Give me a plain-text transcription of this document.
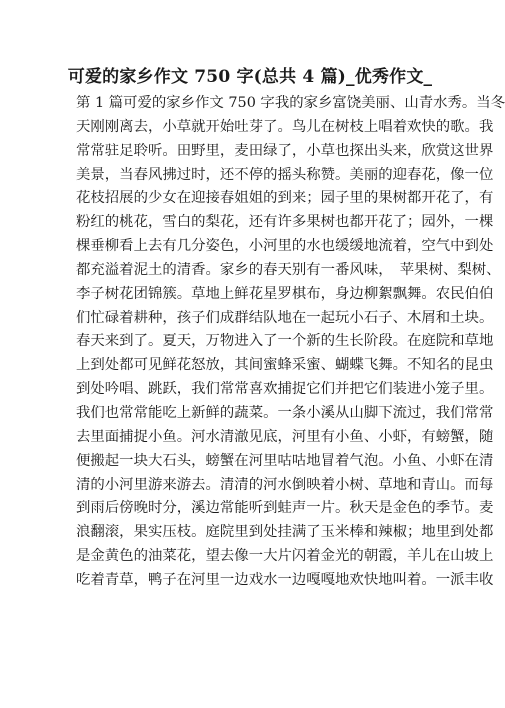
可爱的家乡作文 750 字(总共 4 篇)_优秀作文_
第 1 篇可爱的家乡作文 750 字我的家乡富饶美丽、山青水秀。当冬
天刚刚离去，小草就开始吐芽了。鸟儿在树枝上唱着欢快的歌。我
常常驻足聆听。田野里，麦田绿了，小草也探出头来，欣赏这世界
美景，当春风拂过时，还不停的摇头称赞。美丽的迎春花，像一位
花枝招展的少女在迎接春姐姐的到来；园子里的果树都开花了，有
粉红的桃花，雪白的梨花，还有许多果树也都开花了；园外，一棵
棵垂柳看上去有几分姿色，小河里的水也缓缓地流着，空气中到处
都充溢着泥土的清香。家乡的春天别有一番风味，　苹果树、梨树、
李子树花团锦簇。草地上鲜花星罗棋布，身边柳絮飘舞。农民伯伯
们忙碌着耕种，孩子们成群结队地在一起玩小石子、木屑和土块。
春天来到了。夏天，万物进入了一个新的生长阶段。在庭院和草地
上到处都可见鲜花怒放，其间蜜蜂采蜜、蝴蝶飞舞。不知名的昆虫
到处吟唱、跳跃，我们常常喜欢捕捉它们并把它们装进小笼子里。
我们也常常能吃上新鲜的蔬菜。一条小溪从山脚下流过，我们常常
去里面捕捉小鱼。河水清澈见底，河里有小鱼、小虾，有螃蟹，随
便搬起一块大石头，螃蟹在河里咕咕地冒着气泡。小鱼、小虾在清
清的小河里游来游去。清清的河水倒映着小树、草地和青山。而每
到雨后傍晚时分，溪边常能听到蛙声一片。秋天是金色的季节。麦
浪翻滚，果实压枝。庭院里到处挂满了玉米棒和辣椒；地里到处都
是金黄色的油菜花，望去像一大片闪着金光的朝霞，羊儿在山坡上
吃着青草，鸭子在河里一边戏水一边嘎嘎地欢快地叫着。一派丰收
